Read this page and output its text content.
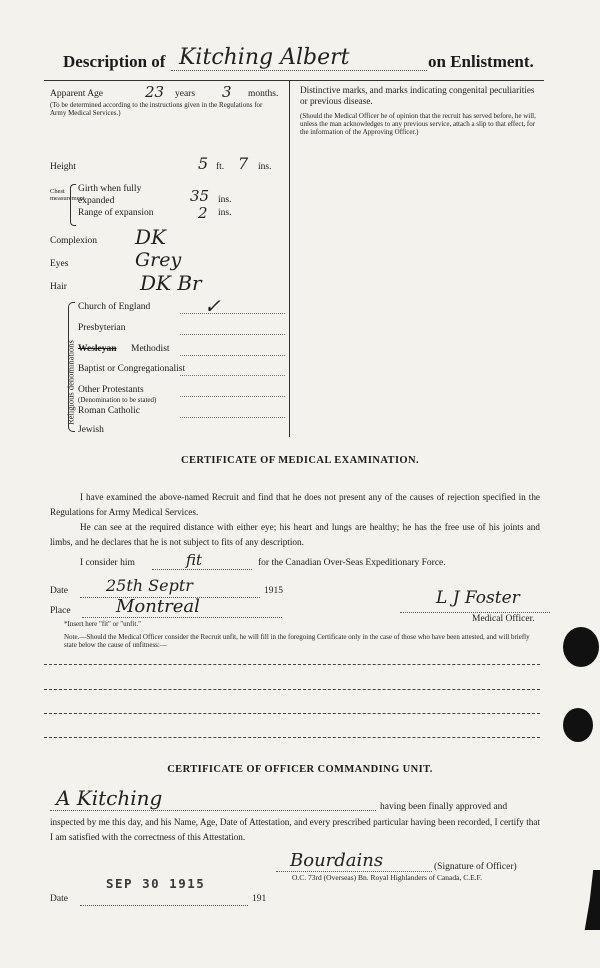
Description of Kitching Albert	on Enlistment.
Apparent Age	23 years 3 months.
(To be determined according to the instructions given in the Regulations for Army Medical Services.)
Height	5 ft. 7 ins.
Chest measurement
Girth when fully expanded	35 ins.
Range of expansion	2 ins.
Complexion DK
Eyes	Grey
Hair	DK Br
Religious denominations
Church of England	✓
Presbyterian
Wesleyan Methodist
Baptist or Congregationalist
Other Protestants
(Denomination to be stated)
Roman Catholic
Jewish
Distinctive marks, and marks indicating congenital peculiarities or previous disease.
(Should the Medical Officer be of opinion that the recruit has served before, he will, unless the man acknowledges to any previous service, attach a slip to that effect, for the information of the Approving Officer.)
CERTIFICATE OF MEDICAL EXAMINATION.
I have examined the above-named Recruit and find that he does not present any of the causes of rejection specified in the Regulations for Army Medical Services.
He can see at the required distance with either eye; his heart and lungs are healthy; he has the free use of his joints and limbs, and he declares that he is not subject to fits of any description.
I consider him	fit	for the Canadian Over-Seas Expeditionary Force.
Date 25th Septr	1915
Place	Montreal	L J Foster
Medical Officer.
*Insert here "fit" or "unfit."
Note.—Should the Medical Officer consider the Recruit unfit, he will fill in the foregoing Certificate only in the case of those who have been attested, and will briefly state below the cause of unfitness:—
CERTIFICATE OF OFFICER COMMANDING UNIT.
A Kitching	having been finally approved and
inspected by me this day, and his Name, Age, Date of Attestation, and every prescribed particular having been recorded, I certify that I am satisfied with the correctness of this Attestation.
Bourdains	(Signature of Officer)
O.C. 73rd (Overseas) Bn. Royal Highlanders of Canada, C.E.F.
SEP 30 1915
Date	191
